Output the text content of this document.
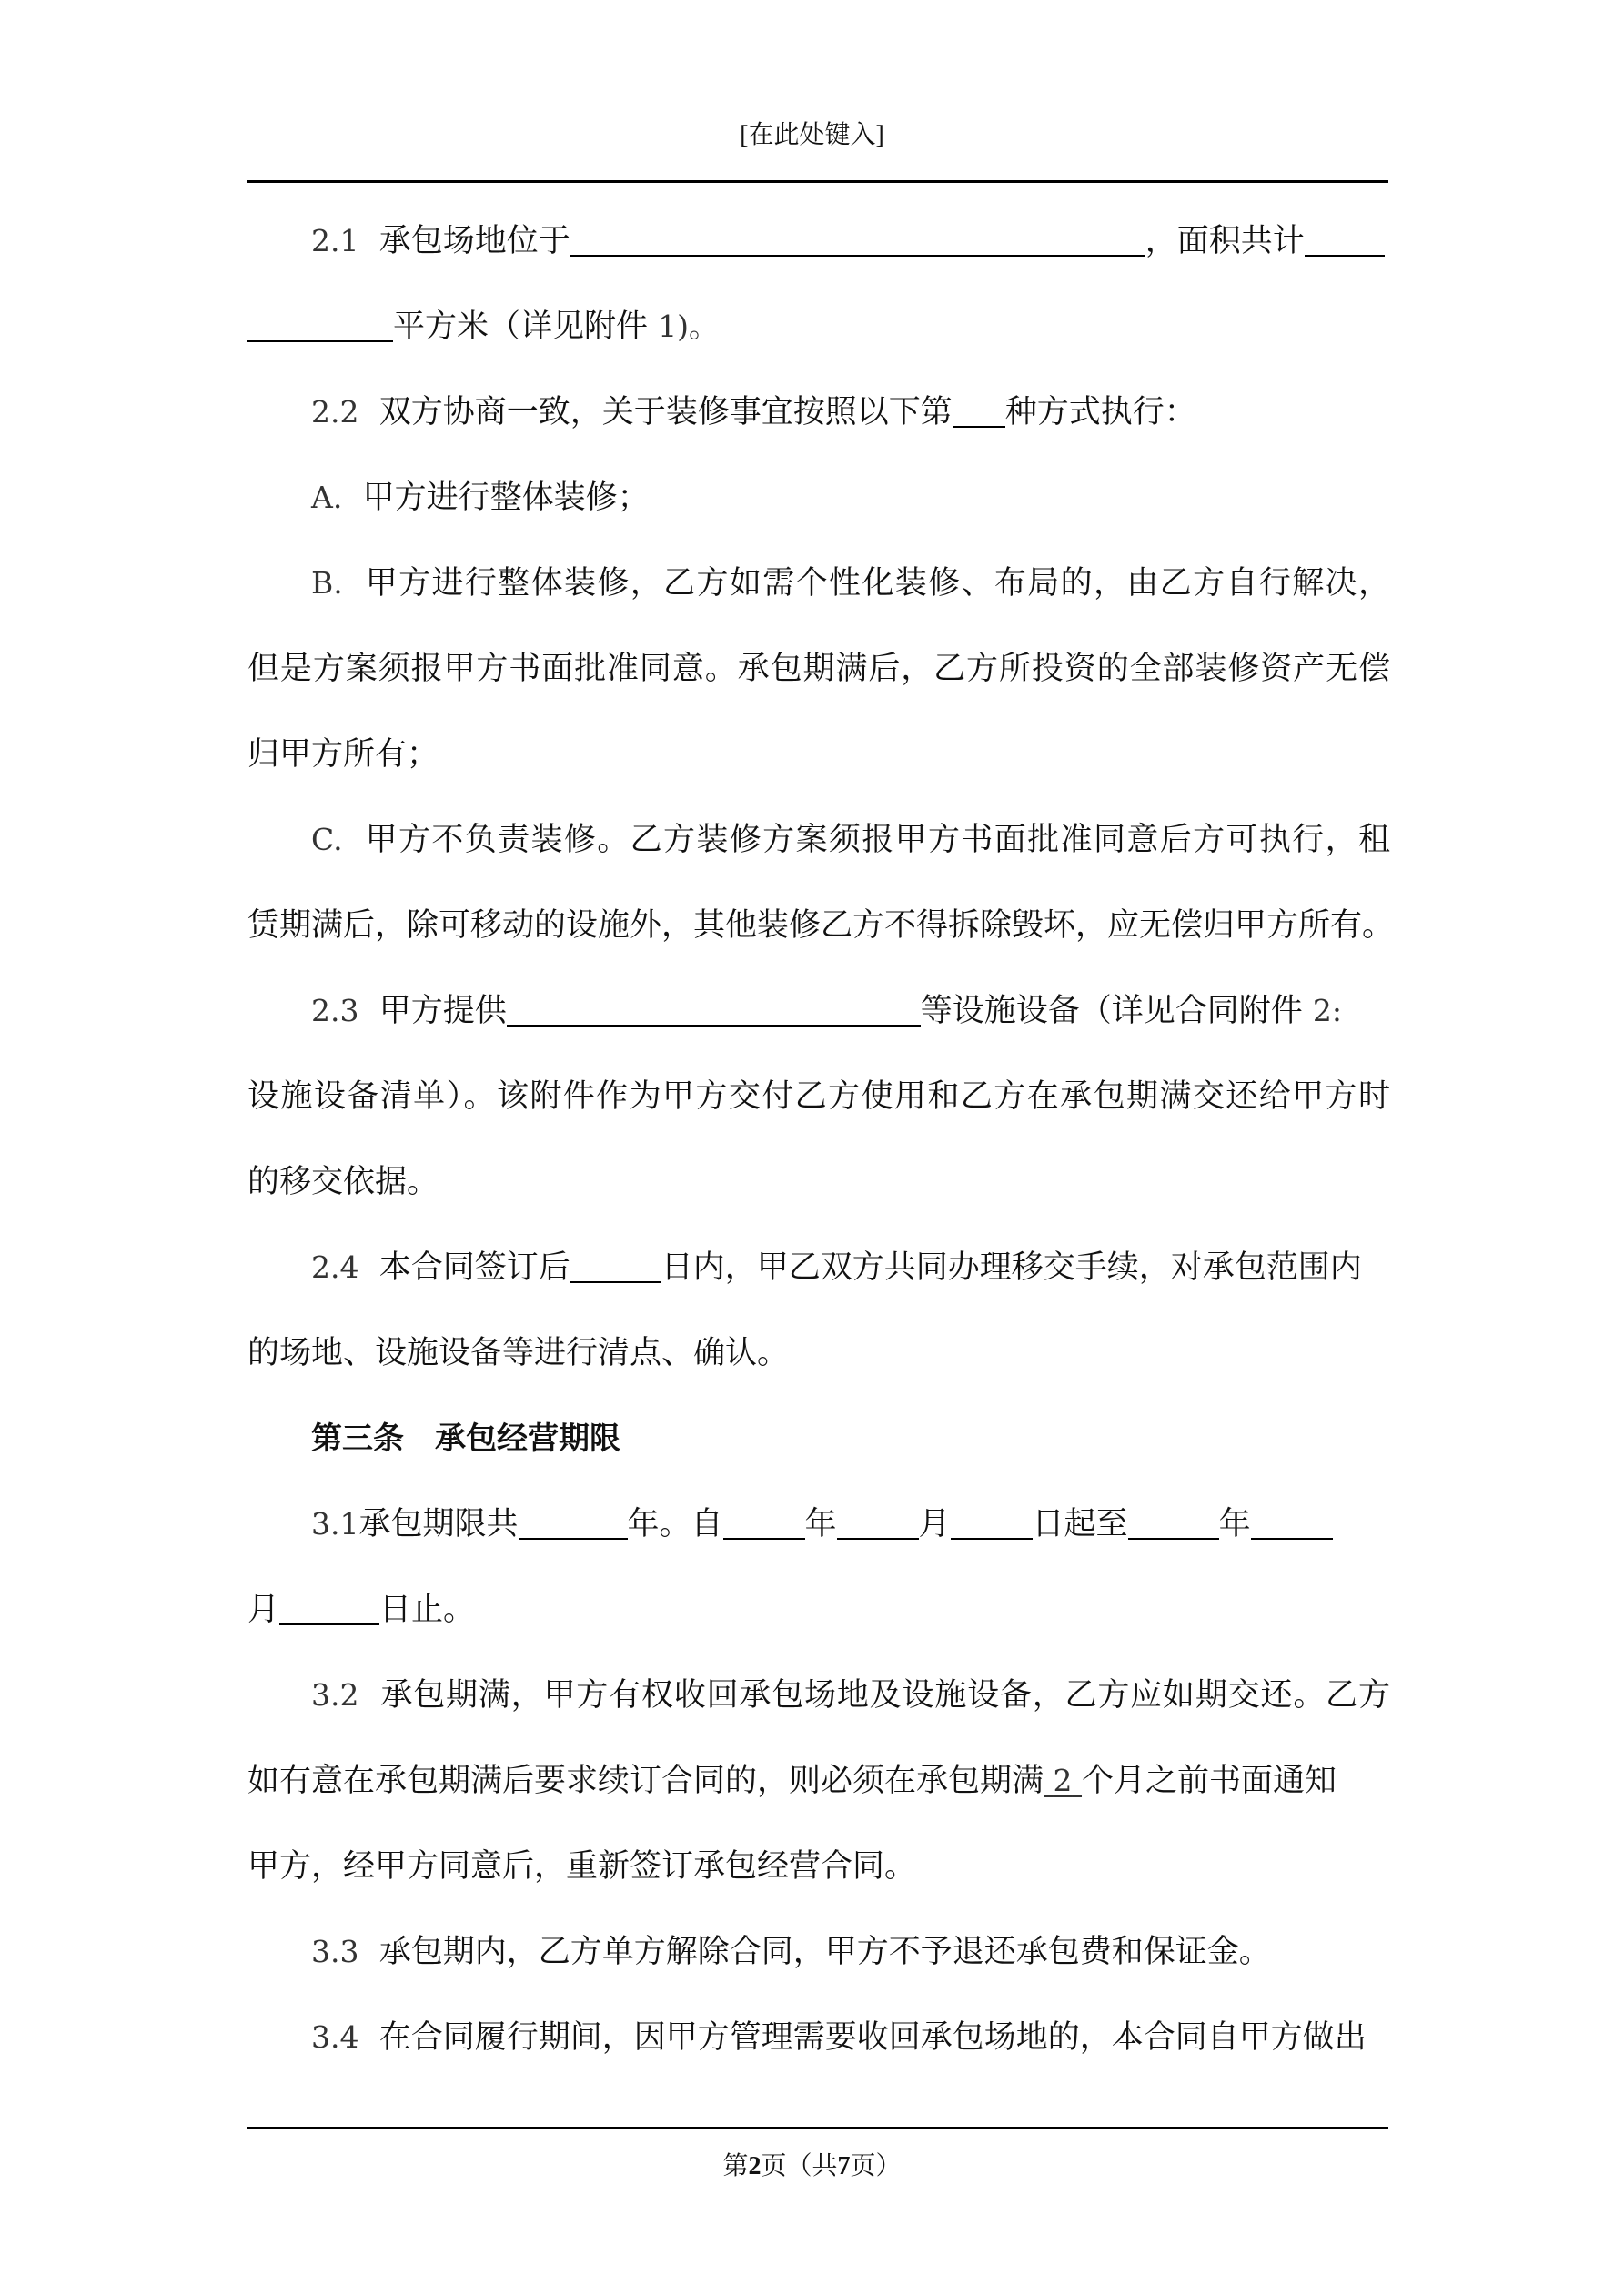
[在此处键入]
2.1 承包场地位于	，面积共计
平方米（详见附件 1)。
2.2 双方协商一致，关于装修事宜按照以下第 种方式执行：
A. 甲方进行整体装修；
B. 甲方进行整体装修，乙方如需个性化装修、布局的，由乙方自行解决，
但是方案须报甲方书面批准同意。承包期满后，乙方所投资的全部装修资产无偿
归甲方所有；
C. 甲方不负责装修。乙方装修方案须报甲方书面批准同意后方可执行，租
赁期满后，除可移动的设施外，其他装修乙方不得拆除毁坏，应无偿归甲方所有。
2.3 甲方提供	等设施设备（详见合同附件 2:
设施设备清单）。该附件作为甲方交付乙方使用和乙方在承包期满交还给甲方时
的移交依据。
2.4 本合同签订后	日内，甲乙双方共同办理移交手续，对承包范围内
的场地、设施设备等进行清点、确认。
第三条　承包经营期限
3.1承包期限共	年。自	年	月	日起至	年
月	日止。
3.2 承包期满，甲方有权收回承包场地及设施设备，乙方应如期交还。乙方
如有意在承包期满后要求续订合同的，则必须在承包期满 2 个月之前书面通知
甲方，经甲方同意后，重新签订承包经营合同。
3.3 承包期内，乙方单方解除合同，甲方不予退还承包费和保证金。
3.4 在合同履行期间，因甲方管理需要收回承包场地的，本合同自甲方做出
第2页（共7页）
